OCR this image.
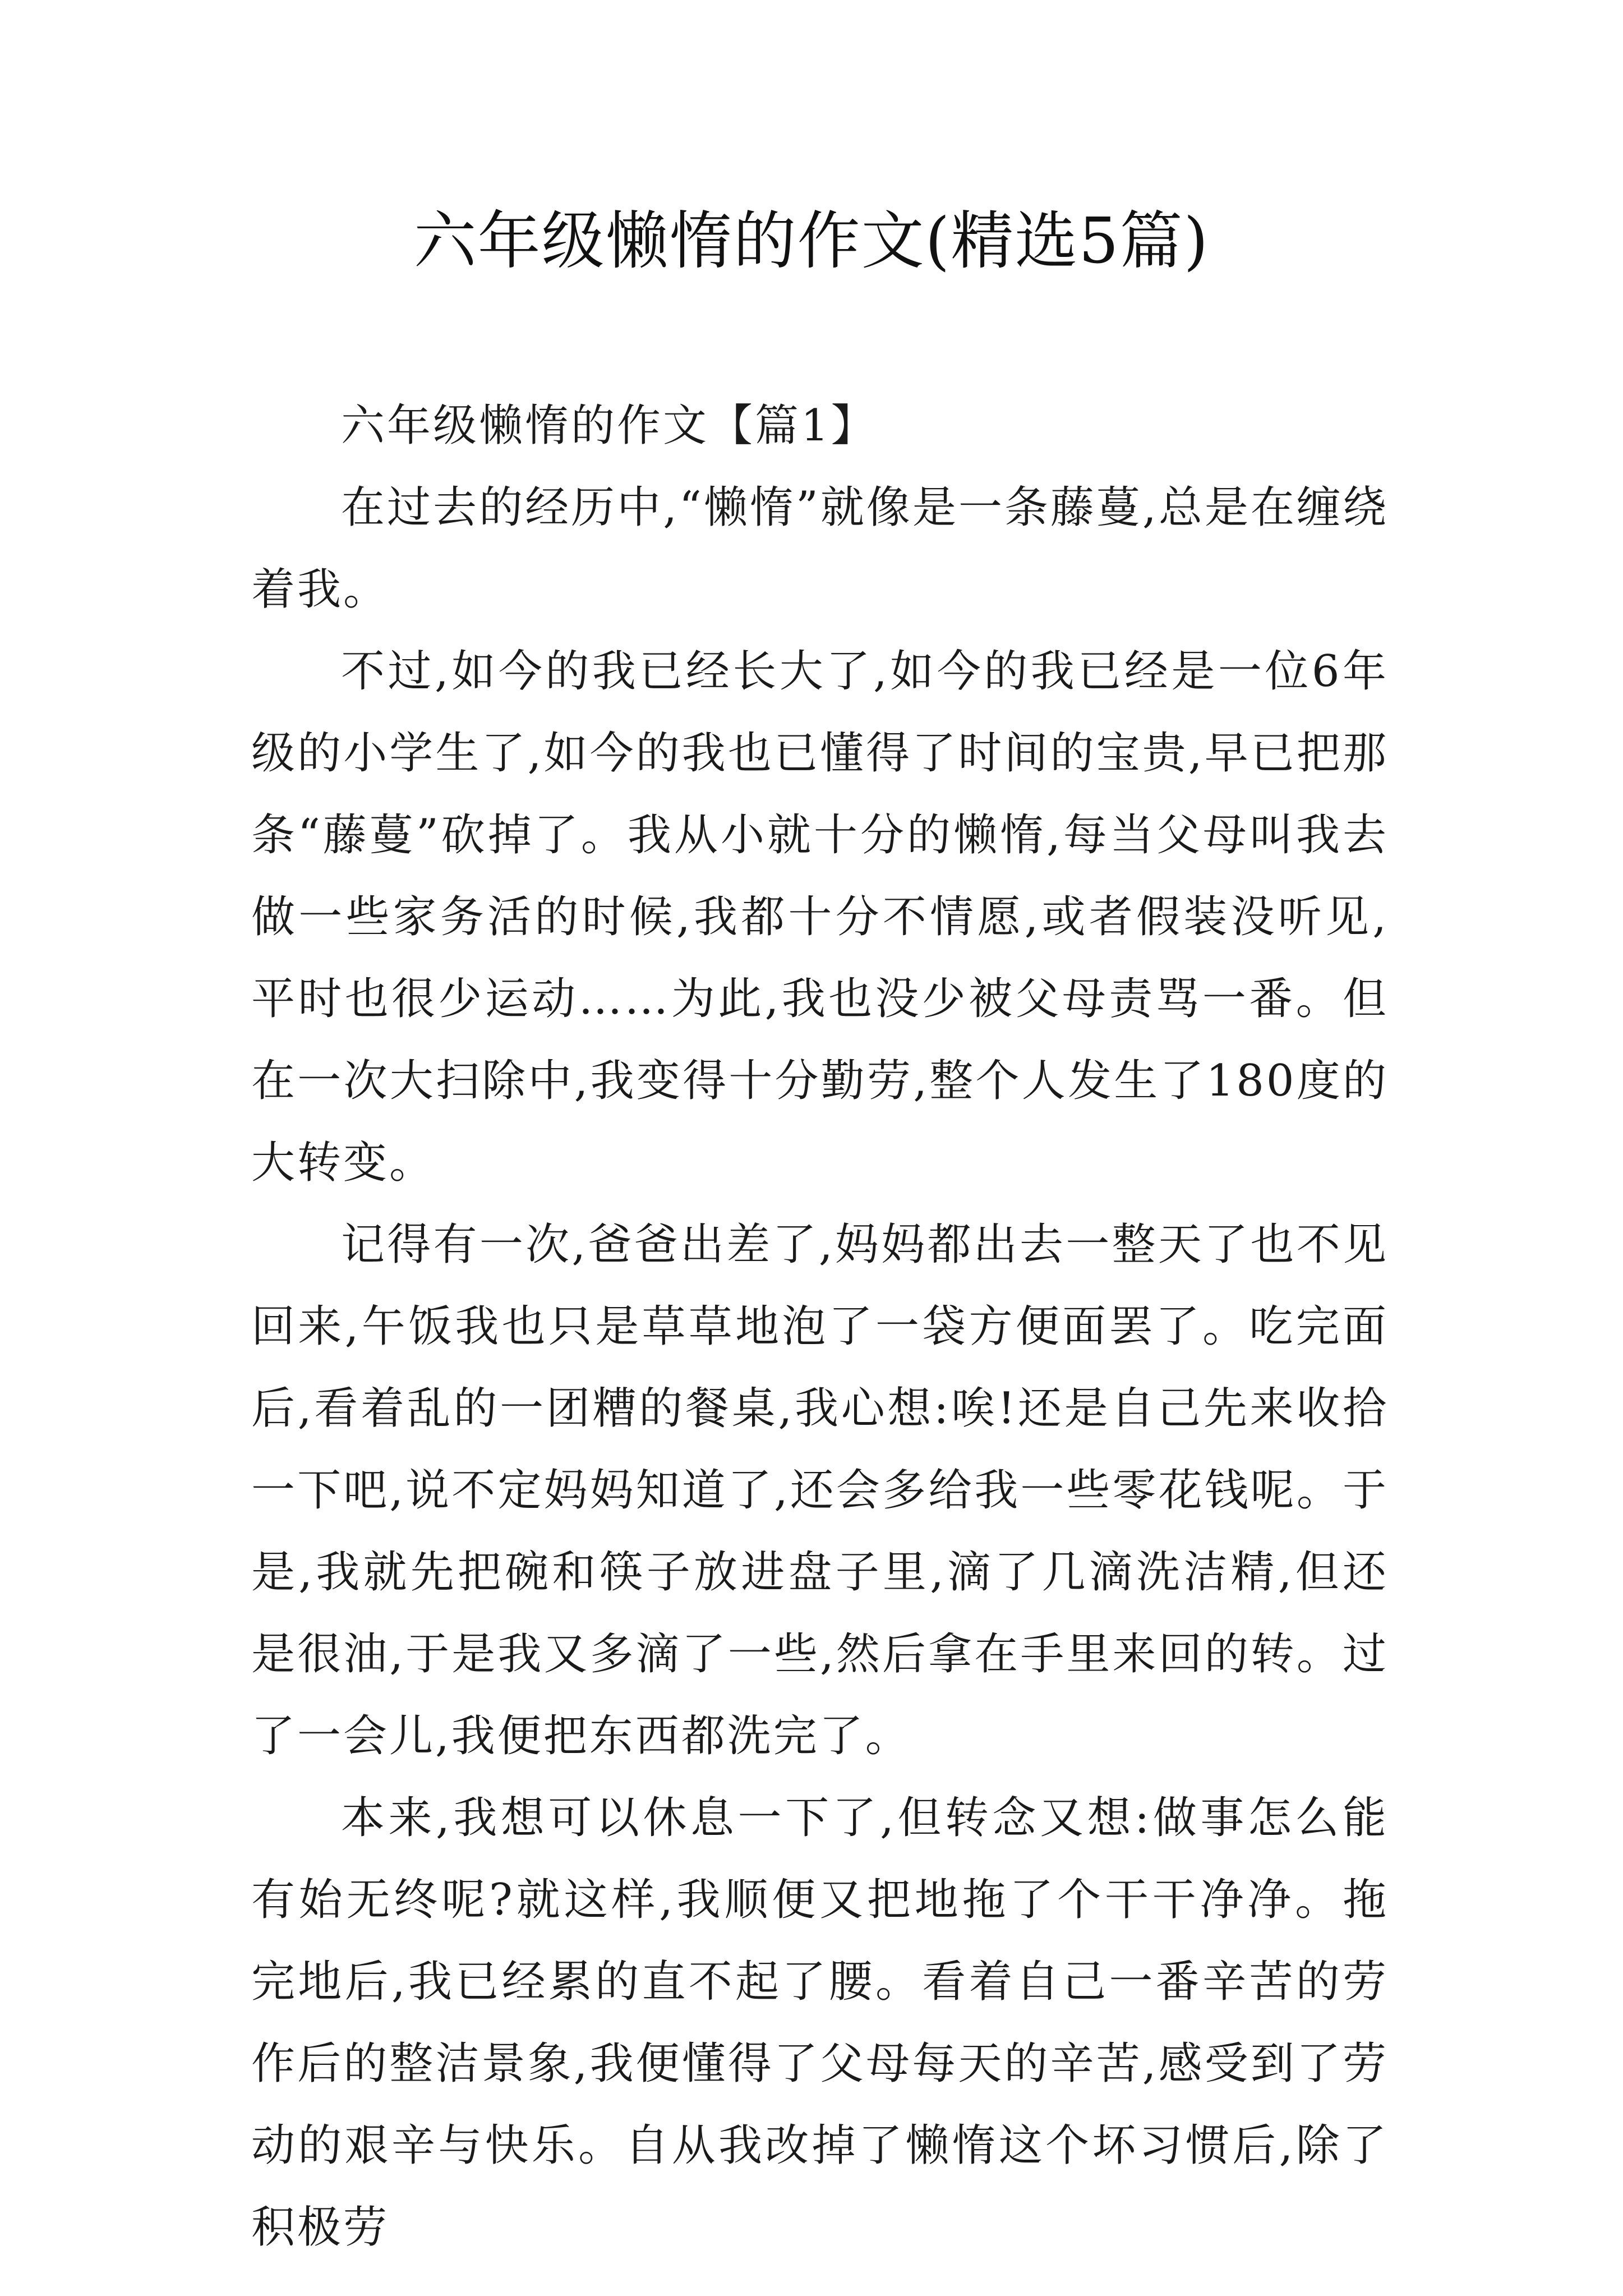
六年级懒惰的作文(精选5篇)

六年级懒惰的作文【篇1】

在过去的经历中,“懒惰”就像是一条藤蔓,总是在缠绕着我。

不过,如今的我已经长大了,如今的我已经是一位6年级的小学生了,如今的我也已懂得了时间的宝贵,早已把那条“藤蔓”砍掉了。我从小就十分的懒惰,每当父母叫我去做一些家务活的时候,我都十分不情愿,或者假装没听见,平时也很少运动……为此,我也没少被父母责骂一番。但在一次大扫除中,我变得十分勤劳,整个人发生了180度的大转变。

记得有一次,爸爸出差了,妈妈都出去一整天了也不见回来,午饭我也只是草草地泡了一袋方便面罢了。吃完面后,看着乱的一团糟的餐桌,我心想:唉!还是自己先来收拾一下吧,说不定妈妈知道了,还会多给我一些零花钱呢。于是,我就先把碗和筷子放进盘子里,滴了几滴洗洁精,但还是很油,于是我又多滴了一些,然后拿在手里来回的转。过了一会儿,我便把东西都洗完了。

本来,我想可以休息一下了,但转念又想:做事怎么能有始无终呢?就这样,我顺便又把地拖了个干干净净。拖完地后,我已经累的直不起了腰。看着自己一番辛苦的劳作后的整洁景象,我便懂得了父母每天的辛苦,感受到了劳动的艰辛与快乐。自从我改掉了懒惰这个坏习惯后,除了积极劳
